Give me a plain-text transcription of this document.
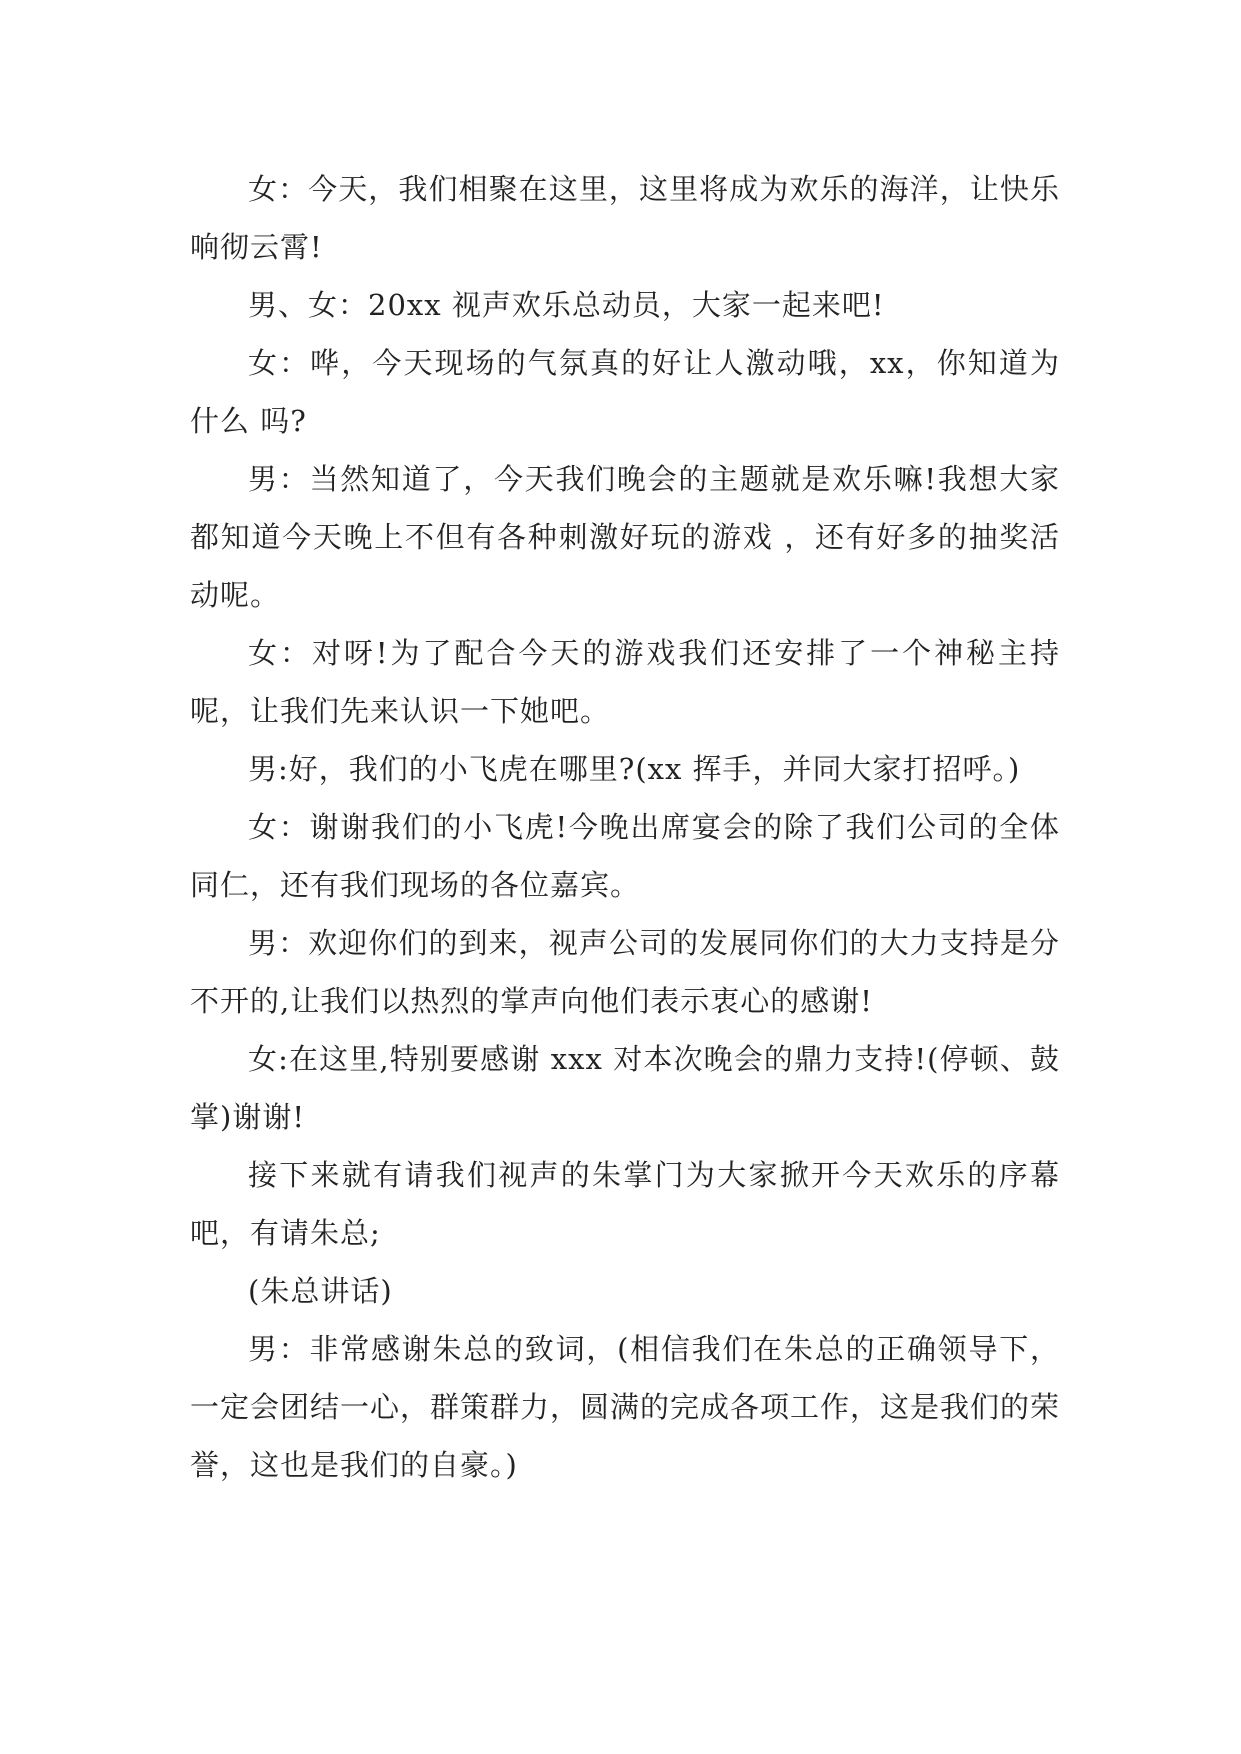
女：今天，我们相聚在这里，这里将成为欢乐的海洋，让快乐响彻云霄!

男、女：20xx 视声欢乐总动员，大家一起来吧!

女：哗，今天现场的气氛真的好让人激动哦，xx，你知道为什么 吗?

男：当然知道了，今天我们晚会的主题就是欢乐嘛!我想大家都知道今天晚上不但有各种刺激好玩的游戏 ，还有好多的抽奖活动呢。

女：对呀!为了配合今天的游戏我们还安排了一个神秘主持呢，让我们先来认识一下她吧。

男:好，我们的小飞虎在哪里?(xx 挥手，并同大家打招呼。)

女：谢谢我们的小飞虎!今晚出席宴会的除了我们公司的全体同仁，还有我们现场的各位嘉宾。

男：欢迎你们的到来，视声公司的发展同你们的大力支持是分不开的,让我们以热烈的掌声向他们表示衷心的感谢!

女:在这里,特别要感谢 xxx 对本次晚会的鼎力支持!(停顿、鼓掌)谢谢!

接下来就有请我们视声的朱掌门为大家掀开今天欢乐的序幕吧，有请朱总;

(朱总讲话)

男：非常感谢朱总的致词，(相信我们在朱总的正确领导下，一定会团结一心，群策群力，圆满的完成各项工作，这是我们的荣誉，这也是我们的自豪。)
